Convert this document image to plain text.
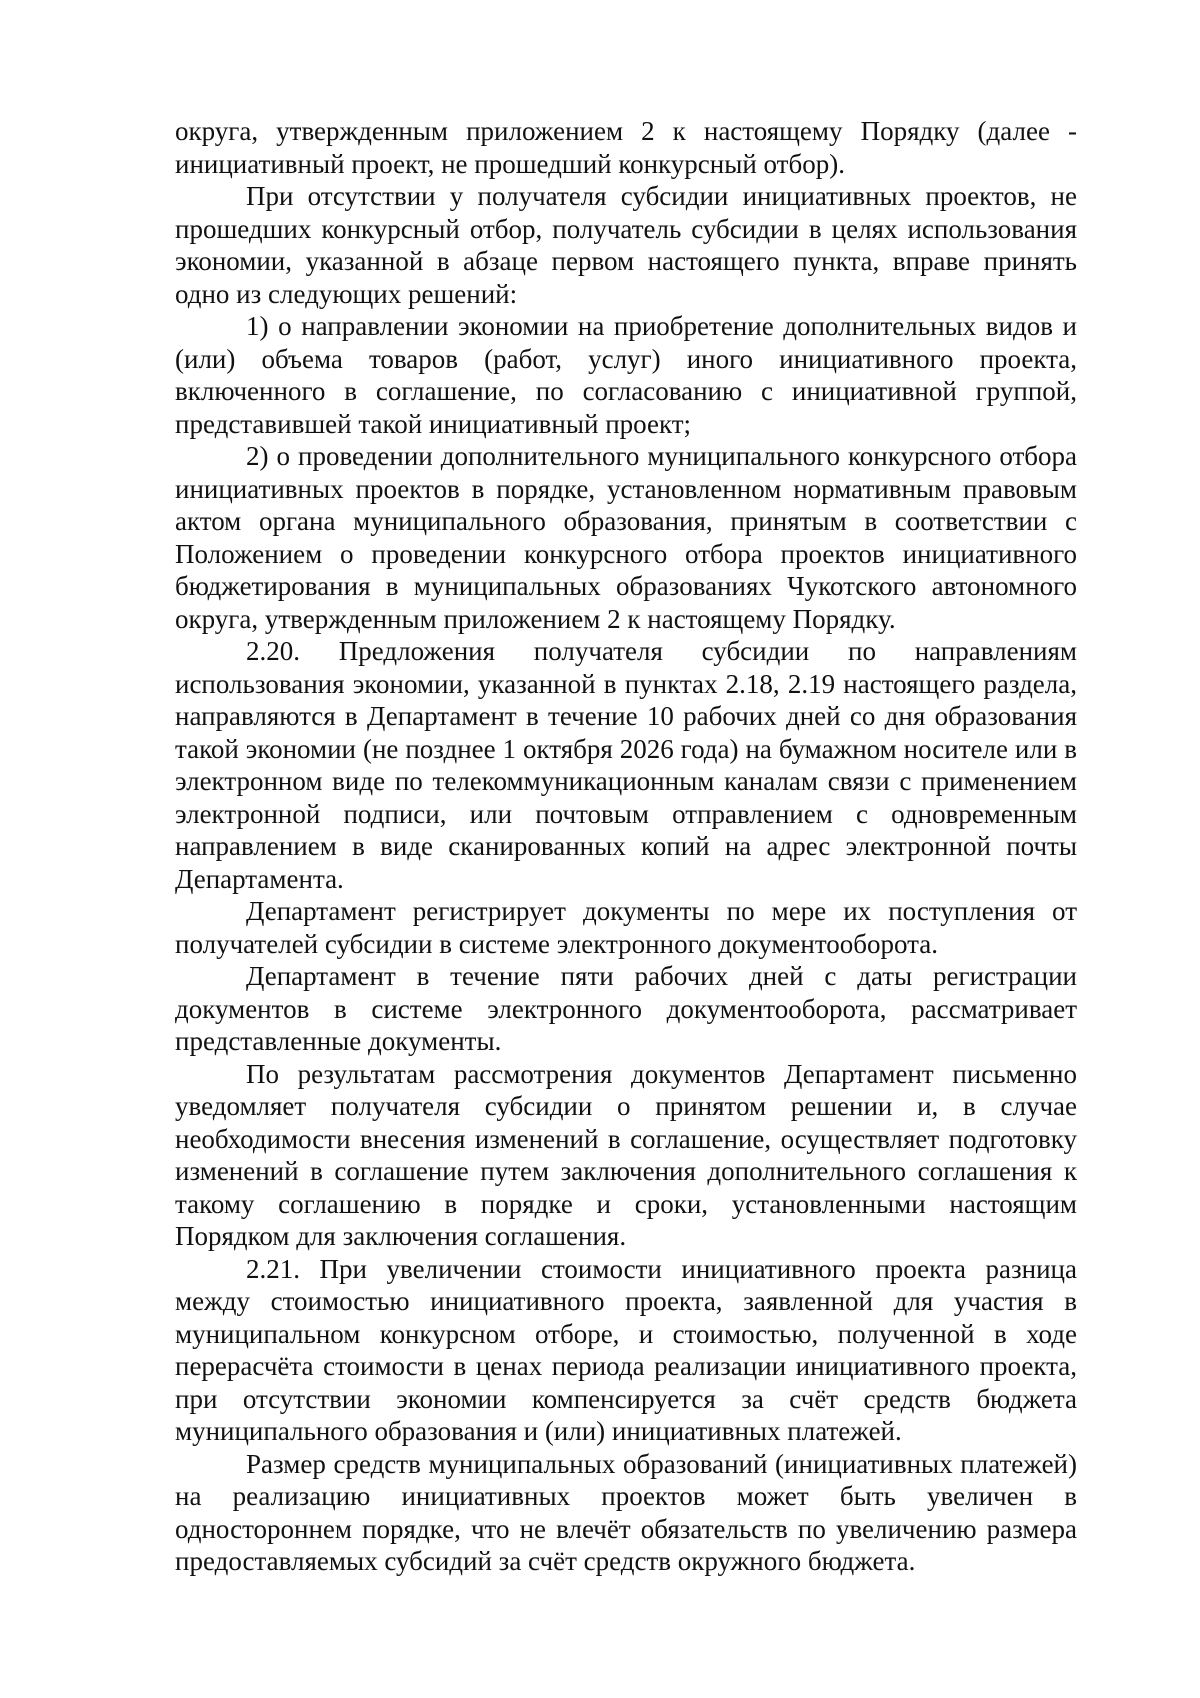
округа, утвержденным приложением 2 к настоящему Порядку (далее - инициативный проект, не прошедший конкурсный отбор).

При отсутствии у получателя субсидии инициативных проектов, не прошедших конкурсный отбор, получатель субсидии в целях использования экономии, указанной в абзаце первом настоящего пункта, вправе принять одно из следующих решений:

1) о направлении экономии на приобретение дополнительных видов и (или) объема товаров (работ, услуг) иного инициативного проекта, включенного в соглашение, по согласованию с инициативной группой, представившей такой инициативный проект;

2) о проведении дополнительного муниципального конкурсного отбора инициативных проектов в порядке, установленном нормативным правовым актом органа муниципального образования, принятым в соответствии с Положением о проведении конкурсного отбора проектов инициативного бюджетирования в муниципальных образованиях Чукотского автономного округа, утвержденным приложением 2 к настоящему Порядку.

2.20. Предложения получателя субсидии по направлениям использования экономии, указанной в пунктах 2.18, 2.19 настоящего раздела, направляются в Департамент в течение 10 рабочих дней со дня образования такой экономии (не позднее 1 октября 2026 года) на бумажном носителе или в электронном виде по телекоммуникационным каналам связи с применением электронной подписи, или почтовым отправлением с одновременным направлением в виде сканированных копий на адрес электронной почты Департамента.

Департамент регистрирует документы по мере их поступления от получателей субсидии в системе электронного документооборота.

Департамент в течение пяти рабочих дней с даты регистрации документов в системе электронного документооборота, рассматривает представленные документы.

По результатам рассмотрения документов Департамент письменно уведомляет получателя субсидии о принятом решении и, в случае необходимости внесения изменений в соглашение, осуществляет подготовку изменений в соглашение путем заключения дополнительного соглашения к такому соглашению в порядке и сроки, установленными настоящим Порядком для заключения соглашения.

2.21. При увеличении стоимости инициативного проекта разница между стоимостью инициативного проекта, заявленной для участия в муниципальном конкурсном отборе, и стоимостью, полученной в ходе перерасчёта стоимости в ценах периода реализации инициативного проекта, при отсутствии экономии компенсируется за счёт средств бюджета муниципального образования и (или) инициативных платежей.

Размер средств муниципальных образований (инициативных платежей) на реализацию инициативных проектов может быть увеличен в одностороннем порядке, что не влечёт обязательств по увеличению размера предоставляемых субсидий за счёт средств окружного бюджета.
